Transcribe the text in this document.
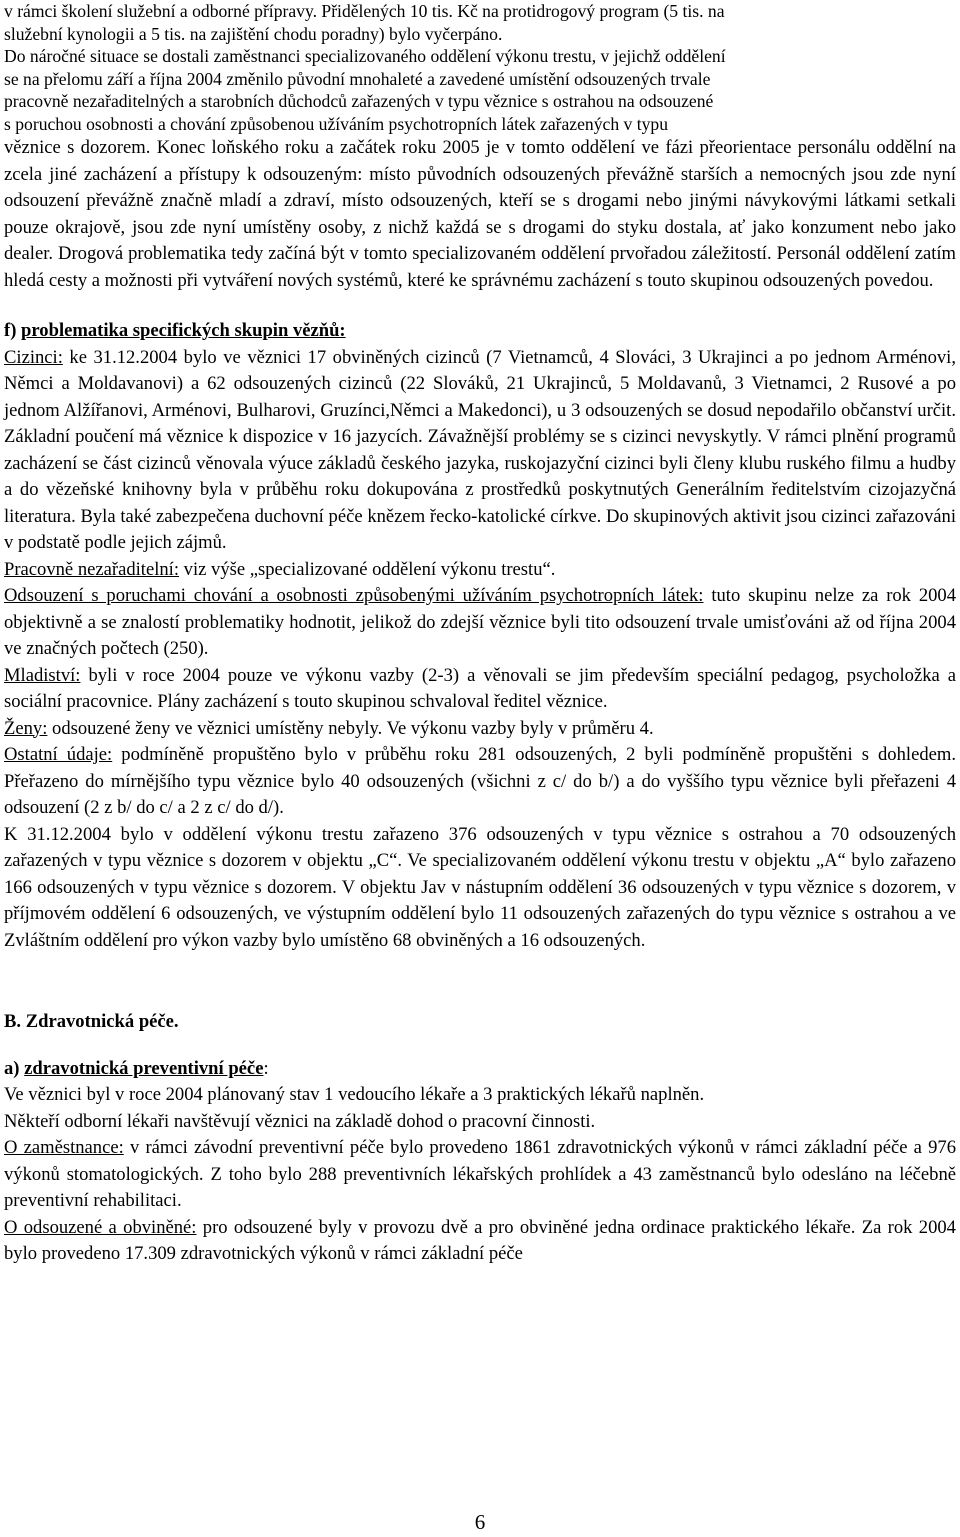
v rámci školení služební a odborné přípravy. Přidělených 10 tis. Kč na protidrogový program (5 tis. na

služební kynologii a 5 tis. na zajištění chodu poradny) bylo vyčerpáno.

Do náročné situace se dostali zaměstnanci specializovaného oddělení výkonu trestu, v jejichž oddělení

se na přelomu září a října 2004 změnilo původní mnohaleté a zavedené umístění odsouzených trvale

pracovně nezařaditelných a starobních důchodců zařazených v typu věznice s ostrahou na odsouzené

s poruchou osobnosti a chování způsobenou užíváním psychotropních látek zařazených v typu

věznice s dozorem. Konec loňského roku a začátek roku 2005 je v tomto oddělení ve fázi přeorientace personálu oddělní na zcela jiné zacházení a přístupy k odsouzeným: místo původních odsouzených převážně starších a nemocných jsou zde nyní odsouzení převážně značně mladí a zdraví, místo odsouzených, kteří se s drogami nebo jinými návykovými látkami setkali pouze okrajově, jsou zde nyní umístěny osoby, z nichž každá se s drogami do styku dostala, ať jako konzument nebo jako dealer. Drogová problematika tedy začíná být v tomto specializovaném oddělení prvořadou záležitostí. Personál oddělení zatím hledá cesty a možnosti při vytváření nových systémů, které ke správnému zacházení s touto skupinou odsouzených povedou.

f) problematika specifických skupin vězňů:

Cizinci: ke 31.12.2004 bylo ve věznici 17 obviněných cizinců (7 Vietnamců, 4 Slováci, 3 Ukrajinci a po jednom Arménovi, Němci a Moldavanovi) a 62 odsouzených cizinců (22 Slováků, 21 Ukrajinců, 5 Moldavanů, 3 Vietnamci, 2 Rusové a po jednom Alžířanovi, Arménovi, Bulharovi, Gruzínci,Němci a Makedonci), u 3 odsouzených se dosud nepodařilo občanství určit. Základní poučení má věznice k dispozice v 16 jazycích. Závažnější problémy se s cizinci nevyskytly. V rámci plnění programů zacházení se část cizinců věnovala výuce základů českého jazyka, ruskojazyční cizinci byli členy klubu ruského filmu a hudby a do vězeňské knihovny byla v průběhu roku dokupována z prostředků poskytnutých Generálním ředitelstvím cizojazyčná literatura. Byla také zabezpečena duchovní péče knězem řecko-katolické církve. Do skupinových aktivit jsou cizinci zařazováni v podstatě podle jejich zájmů.

Pracovně nezařaditelní: viz výše „specializované oddělení výkonu trestu“.

Odsouzení s poruchami chování a osobnosti způsobenými užíváním psychotropních látek: tuto skupinu nelze za rok 2004 objektivně a se znalostí problematiky hodnotit, jelikož do zdejší věznice byli tito odsouzení trvale umisťováni až od října 2004 ve značných počtech (250).

Mladiství: byli v roce 2004 pouze ve výkonu vazby (2-3) a věnovali se jim především speciální pedagog, psycholožka a sociální pracovnice. Plány zacházení s touto skupinou schvaloval ředitel věznice.

Ženy: odsouzené ženy ve věznici umístěny nebyly. Ve výkonu vazby byly v průměru 4.

Ostatní údaje: podmíněně propuštěno bylo v průběhu roku 281 odsouzených, 2 byli podmíněně propuštěni s dohledem. Přeřazeno do mírnějšího typu věznice bylo 40 odsouzených (všichni z c/ do b/) a do vyššího typu věznice byli přeřazeni 4 odsouzení (2 z b/ do c/ a 2 z c/ do d/).

K 31.12.2004 bylo v oddělení výkonu trestu zařazeno 376 odsouzených v typu věznice s ostrahou a 70 odsouzených zařazených v typu věznice s dozorem v objektu „C“. Ve specializovaném oddělení výkonu trestu v objektu „A“ bylo zařazeno 166 odsouzených v typu věznice s dozorem. V objektu Jav v nástupním oddělení 36 odsouzených v typu věznice s dozorem, v příjmovém oddělení 6 odsouzených, ve výstupním oddělení bylo 11 odsouzených zařazených do typu věznice s ostrahou a ve Zvláštním oddělení pro výkon vazby bylo umístěno 68 obviněných a 16 odsouzených.

B. Zdravotnická péče.

a) zdravotnická preventivní péče:

Ve věznici byl v roce 2004 plánovaný stav 1 vedoucího lékaře a 3 praktických lékařů naplněn.

Někteří odborní lékaři navštěvují věznici na základě dohod o pracovní činnosti.

O zaměstnance: v rámci závodní preventivní péče bylo provedeno 1861 zdravotnických výkonů v rámci základní péče a 976 výkonů stomatologických. Z toho bylo 288 preventivních lékařských prohlídek a 43 zaměstnanců bylo odesláno na léčebně preventivní rehabilitaci.

O odsouzené a obviněné: pro odsouzené byly v provozu dvě a pro obviněné jedna ordinace praktického lékaře. Za rok 2004 bylo provedeno 17.309 zdravotnických výkonů v rámci základní péče

6
